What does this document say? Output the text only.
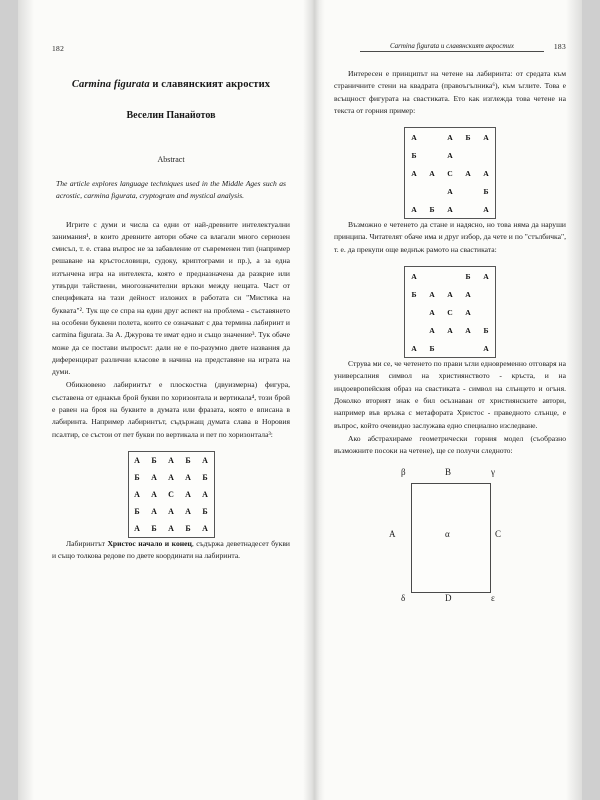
182
Carmina figurata и славянският акростих
Веселин Панайотов
Abstract
The article explores language techniques used in the Middle Ages such as acrostic, carmina figurata, cryptogram and mystical analysis.

Игрите с думи и числа са едни от най-древните интелектуални занимания¹, в които древните автори обаче са влагали много сериозен смисъл, т. е. става въпрос не за забавление от съвременен тип (например решаване на кръстословици, судоку, криптограми и пр.), а за една изтънчена игра на интелекта, която е предназначена да разкрие или утвърди тайствени, многозначителни връзки между нещата. Част от спецификата на тази дейност изложих в работата си "Мистика на буквата"². Тук ще се спра на един друг аспект на проблема - съставянето на особени буквени полета, които се означават с два термина лабиринт и carmina figurata. За А. Джурова те имат едно и също значение³. Тук обаче може да се постави въпросът: дали не е по-разумно двете названия да диференцират различни класове в начина на представяне на играта на думи.

Обикновено лабиринтът е плоскостна (двуизмерна) фигура, съставена от еднакъв брой букви по хоризонтала и вертикала⁴, този брой е равен на броя на буквите в думата или фразата, която е вписана в лабиринта. Например лабиринтът, съдържащ думата слава в Норовия псалтир, се състои от пет букви по вертикала и пет по хоризонтала³:

А	Б	А	Б	А
Б	А	А	А	Б
А	А	С	А	А
Б	А	А	А	Б
А	Б	А	Б	А

Лабиринтът Христос начало и конец, съдържа деветнадесет букви и също толкова редове по двете координати на лабиринта.

183
Carmina figurata и славянският акростих

Интересен е принципът на четене на лабиринта: от средата към страничните стени на квадрата (правоъгълника⁶), към ъглите. Това е всъщност фигурата на свастиката. Ето как изглежда това четене на текста от горния пример:

А		А	Б	А
Б		А		
А	А	С	А	А
		А		Б
А	Б	А		А

Възможно е четенето да стане и надясно, но това няма да наруши принципа. Читателят обаче има и друг избор, да чете и по "стълбичка", т. е. да прекупи още веднъж рамото на свастиката:

А			Б	А
Б	А	А	А	
	А	С	А	
	А	А	А	Б
А	Б			А

Струва ми се, че четенето по прави ъгли едновременно отговаря на универсалния символ на християнството - кръста, и на индоевропейския образ на свастиката - символ на слънцето и огъня. Доколко вторият знак е бил осъзнаван от християнските автори, например във връзка с метафората Христос - праведното слънце, е въпрос, който очевидно заслужава едно специално изследване.

Ако абстрахираме геометрически горния модел (съобразно възможните посоки на четене), ще се получи следното:

β	B	γ
A	α	C
δ	D	ε
